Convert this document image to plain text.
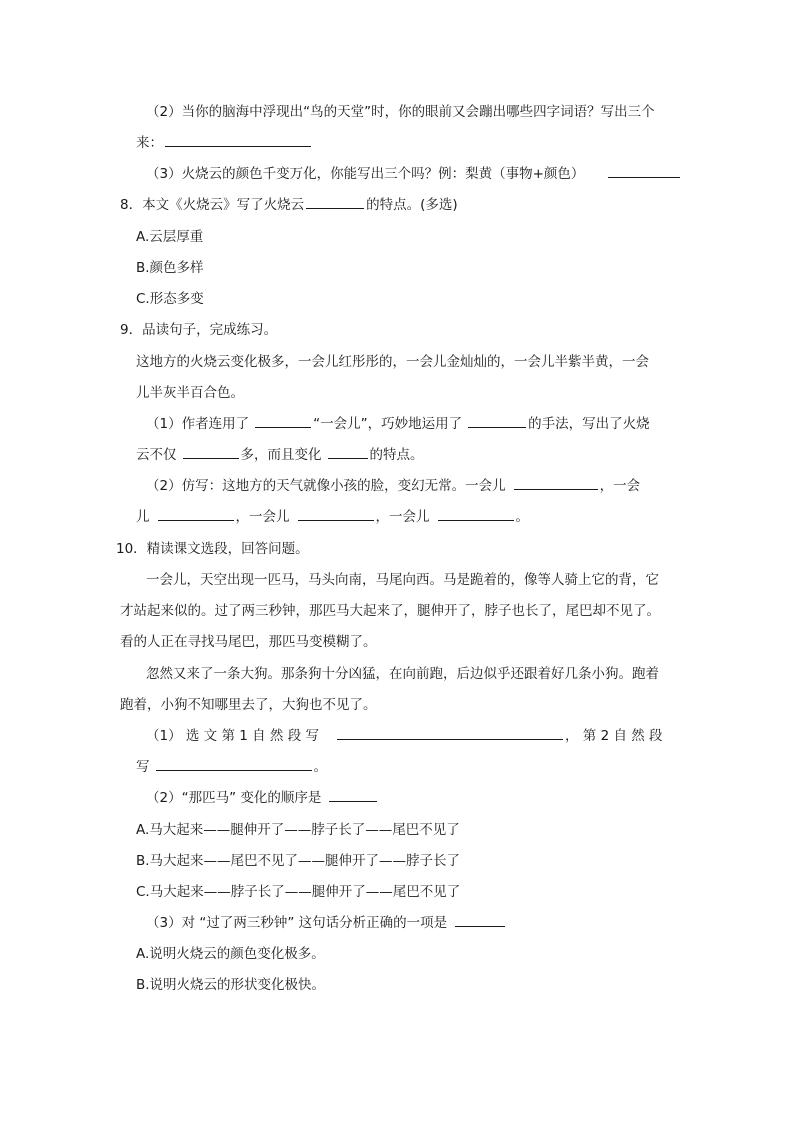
（2）当你的脑海中浮现出“鸟的天堂”时，你的眼前又会蹦出哪些四字词语？写出三个
来：
（3）火烧云的颜色千变万化，你能写出三个吗？例：梨黄（事物+颜色）
8．本文《火烧云》写了火烧云	的特点。(多选)
A.云层厚重
B.颜色多样
C.形态多变
9．品读句子，完成练习。
这地方的火烧云变化极多，一会儿红彤彤的，一会儿金灿灿的，一会儿半紫半黄，一会
儿半灰半百合色。
（1）作者连用了	“一会儿”，巧妙地运用了	的手法，写出了火烧
云不仅	多，而且变化	的特点。
（2）仿写：这地方的天气就像小孩的脸，变幻无常。一会儿	，一会
儿	，一会儿	，一会儿	。
10．精读课文选段，回答问题。
一会儿，天空出现一匹马，马头向南，马尾向西。马是跪着的，像等人骑上它的背，它
才站起来似的。过了两三秒钟，那匹马大起来了，腿伸开了，脖子也长了，尾巴却不见了。
看的人正在寻找马尾巴，那匹马变模糊了。
忽然又来了一条大狗。那条狗十分凶猛，在向前跑，后边似乎还跟着好几条小狗。跑着
跑着，小狗不知哪里去了，大狗也不见了。
（1） 选 文 第 1 自 然 段 写	， 第 2 自 然 段
写	。
（2）“那匹马” 变化的顺序是
A.马大起来——腿伸开了——脖子长了——尾巴不见了
B.马大起来——尾巴不见了——腿伸开了——脖子长了
C.马大起来——脖子长了——腿伸开了——尾巴不见了
（3）对 “过了两三秒钟” 这句话分析正确的一项是
A.说明火烧云的颜色变化极多。
B.说明火烧云的形状变化极快。
